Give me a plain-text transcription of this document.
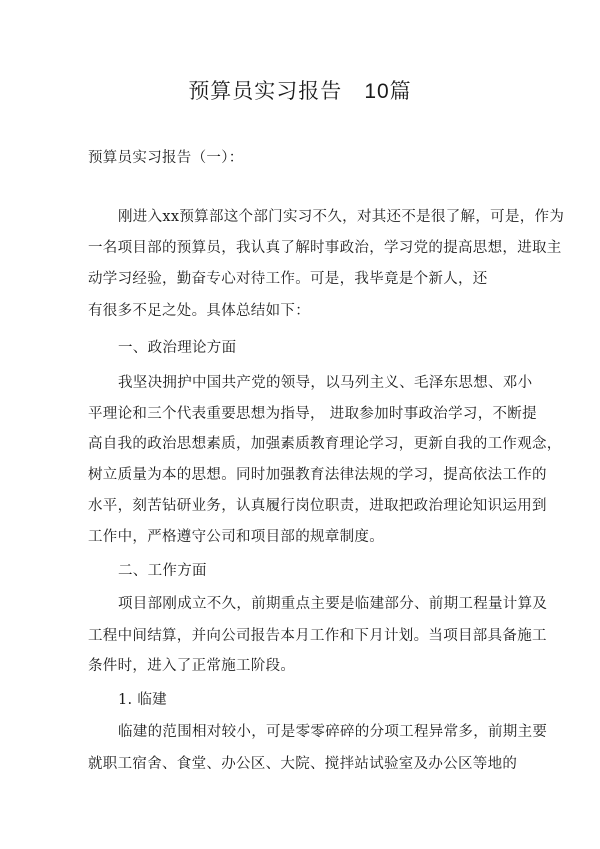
预算员实习报告 10篇
预算员实习报告（一）：
刚进入xx预算部这个部门实习不久，对其还不是很了解，可是，作为
一名项目部的预算员，我认真了解时事政治，学习党的提高思想，进取主
动学习经验，勤奋专心对待工作。可是，我毕竟是个新人，还
有很多不足之处。具体总结如下：
一、政治理论方面
我坚决拥护中国共产党的领导，以马列主义、毛泽东思想、邓小
平理论和三个代表重要思想为指导， 进取参加时事政治学习，不断提
高自我的政治思想素质，加强素质教育理论学习，更新自我的工作观念，
树立质量为本的思想。同时加强教育法律法规的学习，提高依法工作的
水平，刻苦钻研业务，认真履行岗位职责，进取把政治理论知识运用到
工作中，严格遵守公司和项目部的规章制度。
二、工作方面
项目部刚成立不久，前期重点主要是临建部分、前期工程量计算及
工程中间结算，并向公司报告本月工作和下月计划。当项目部具备施工
条件时，进入了正常施工阶段。
1. 临建
临建的范围相对较小，可是零零碎碎的分项工程异常多，前期主要
就职工宿舍、食堂、办公区、大院、搅拌站试验室及办公区等地的
